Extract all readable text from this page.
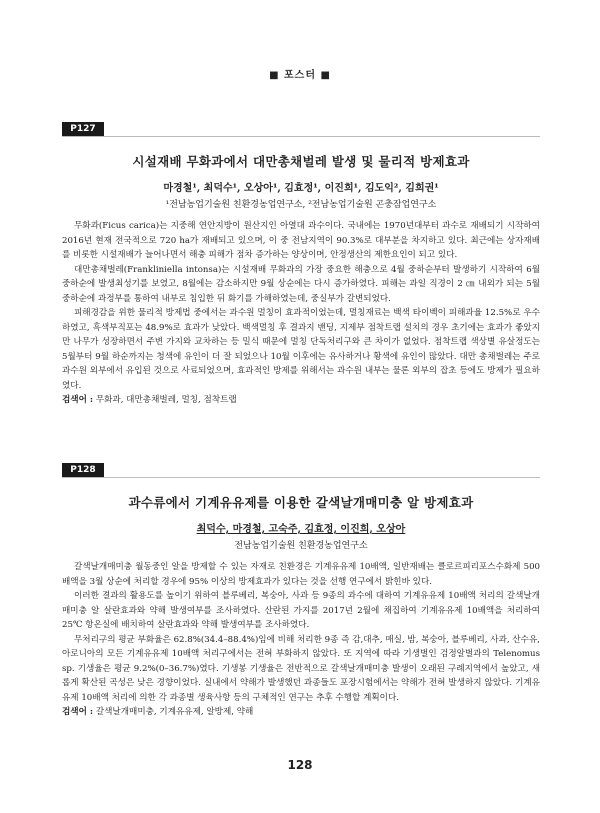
■ 포스터 ■
P127
시설재배 무화과에서 대만총채벌레 발생 및 물리적 방제효과
마경철¹, 최덕수¹, 오상아¹, 김효정¹, 이진희¹, 김도익², 김희권¹
¹전남농업기술원 친환경농업연구소, ²전남농업기술원 곤충잠업연구소

무화과(Ficus carica)는 지중해 연안지방이 원산지인 아열대 과수이다. 국내에는 1970년대부터 과수로 재배되기 시작하여 2016년 현재 전국적으로 720 ha가 재배되고 있으며, 이 중 전남지역이 90.3%로 대부분을 차지하고 있다. 최근에는 상자재배를 비롯한 시설재배가 늘어나면서 해충 피해가 점차 증가하는 양상이며, 안정생산의 제한요인이 되고 있다.

대만총채벌레(Frankliniella intonsa)는 시설재배 무화과의 가장 중요한 해충으로 4월 중하순부터 발생하기 시작하여 6월 중하순에 발생최성기를 보였고, 8월에는 감소하지만 9월 상순에는 다시 증가하였다. 피해는 과일 직경이 2 ㎝ 내외가 되는 5월 중하순에 과정부를 통하여 내부로 침입한 뒤 화기를 가해하였는데, 중실부가 갈변되었다.

피해경감을 위한 물리적 방제법 중에서는 과수원 멀칭이 효과적이었는데, 멀칭재료는 백색 타이벡이 피해과율 12.5%로 우수하였고, 흑색부직포는 48.9%로 효과가 낮았다. 백색멀칭 후 결과지 밴딩, 지제부 점착트랩 설치의 경우 초기에는 효과가 좋았지만 나무가 성장하면서 주변 가지와 교차하는 등 밀식 때문에 멀칭 단독처리구와 큰 차이가 없었다. 점착트랩 색상별 유살정도는 5월부터 9월 하순까지는 청색에 유인이 더 잘 되었으나 10월 이후에는 유사하거나 황색에 유인이 많았다. 대만 총채벌레는 주로 과수원 외부에서 유입된 것으로 사료되었으며, 효과적인 방제를 위해서는 과수원 내부는 물론 외부의 잡초 등에도 방제가 필요하였다.

검색어 : 무화과, 대만총채벌레, 멀칭, 점착트랩
P128
과수류에서 기계유유제를 이용한 갈색날개매미충 알 방제효과
최덕수, 마경철, 고숙주, 김효정, 이진희, 오상아
전남농업기술원 친환경농업연구소

갈색날개매미충 월동중인 알을 방제할 수 있는 자재로 친환경은 기계유유제 10배액, 일반재배는 클로르피리포스수화제 500배액을 3월 상순에 처리할 경우에 95% 이상의 방제효과가 있다는 것을 선행 연구에서 밝힌바 있다.

이러한 결과의 활용도를 높이기 위하여 블루베리, 복숭아, 사과 등 9종의 과수에 대하여 기계유유제 10배액 처리의 갈색날개매미충 알 살란효과와 약해 발생여부를 조사하였다. 산란된 가지를 2017년 2월에 채집하여 기계유유제 10배액을 처리하여 25℃ 항온실에 배치하여 살란효과와 약해 발생여부를 조사하였다.

무처리구의 평균 부화율은 62.8%(34.4–88.4%)임에 비해 처리한 9종 즉 감,대추, 매실, 밤, 복숭아, 블루베리, 사과, 산수유, 아로니아의 모든 기계유유제 10배액 처리구에서는 전혀 부화하지 않았다. 또 지역에 따라 기생벌인 검정알벌과의 Telenomus sp. 기생율은 평균 9.2%(0–36.7%)였다. 기생봉 기생율은 전반적으로 갈색날개매미충 발생이 오래된 구례지역에서 높았고, 새롭게 확산된 곡성은 낮은 경향이었다. 실내에서 약해가 발생했던 과종들도 포장시험에서는 약해가 전혀 발생하지 않았다. 기계유유제 10배액 처리에 의한 각 과종별 생육사항 등의 구체적인 연구는 추후 수행할 계획이다.

검색어 : 갈색날개매미충, 기계유유제, 알방제, 약해
128
